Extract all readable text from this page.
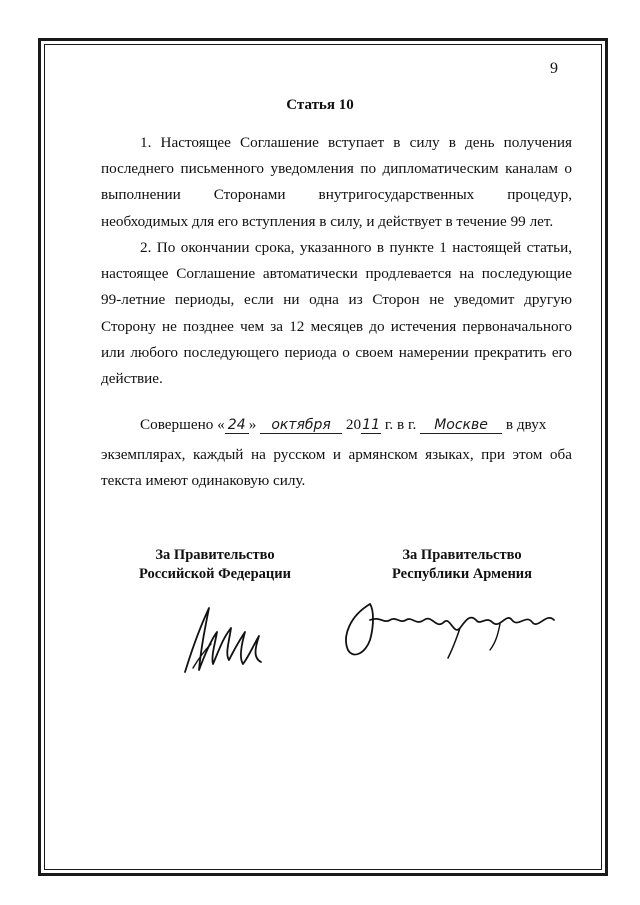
9
Статья 10

1. Настоящее Соглашение вступает в силу в день получения последнего письменного уведомления по дипломатическим каналам о выполнении Сторонами внутригосударственных процедур, необходимых для его вступления в силу, и действует в течение 99 лет.

2. По окончании срока, указанного в пункте 1 настоящей статьи, настоящее Соглашение автоматически продлевается на последующие 99-летние периоды, если ни одна из Сторон не уведомит другую Сторону не позднее чем за 12 месяцев до истечения первоначального или любого последующего периода о своем намерении прекратить его действие.

Совершено « 24 » октября 2011 г. в г. Москве в двух

экземплярах, каждый на русском и армянском языках, при этом оба

текста имеют одинаковую силу.

За Правительство
Российской Федерации
За Правительство
Республики Армения
